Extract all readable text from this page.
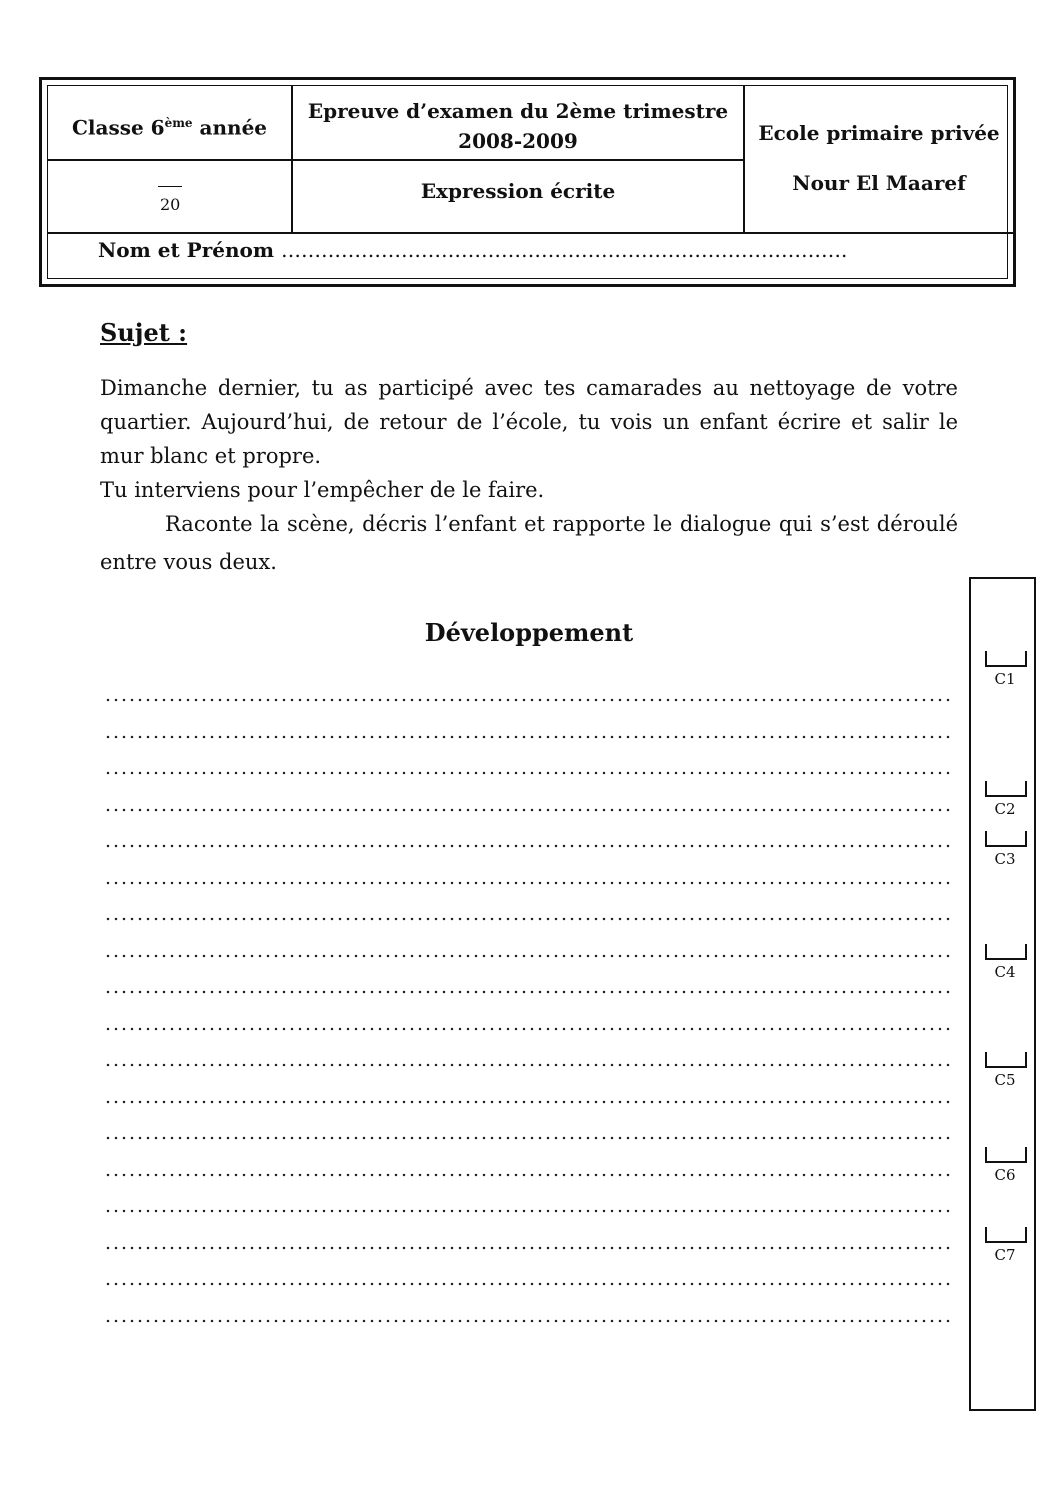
Classe 6ème année
Epreuve d’examen du 2ème trimestre
2008-2009	Ecole primaire privée
Nour El Maaref
20
Expression écrite
Nom et Prénom ………………………………………………………………………….
Sujet :
Dimanche dernier, tu as participé avec tes camarades au nettoyage de votre
quartier. Aujourd’hui, de retour de l’école, tu vois un enfant écrire et salir le
mur blanc et propre.
Tu interviens pour l’empêcher de le faire.
Raconte la scène, décris l’enfant et rapporte le dialogue qui s’est déroulé
entre vous deux.
Développement
C1
C2
C3
C4
C5
C6
C7
